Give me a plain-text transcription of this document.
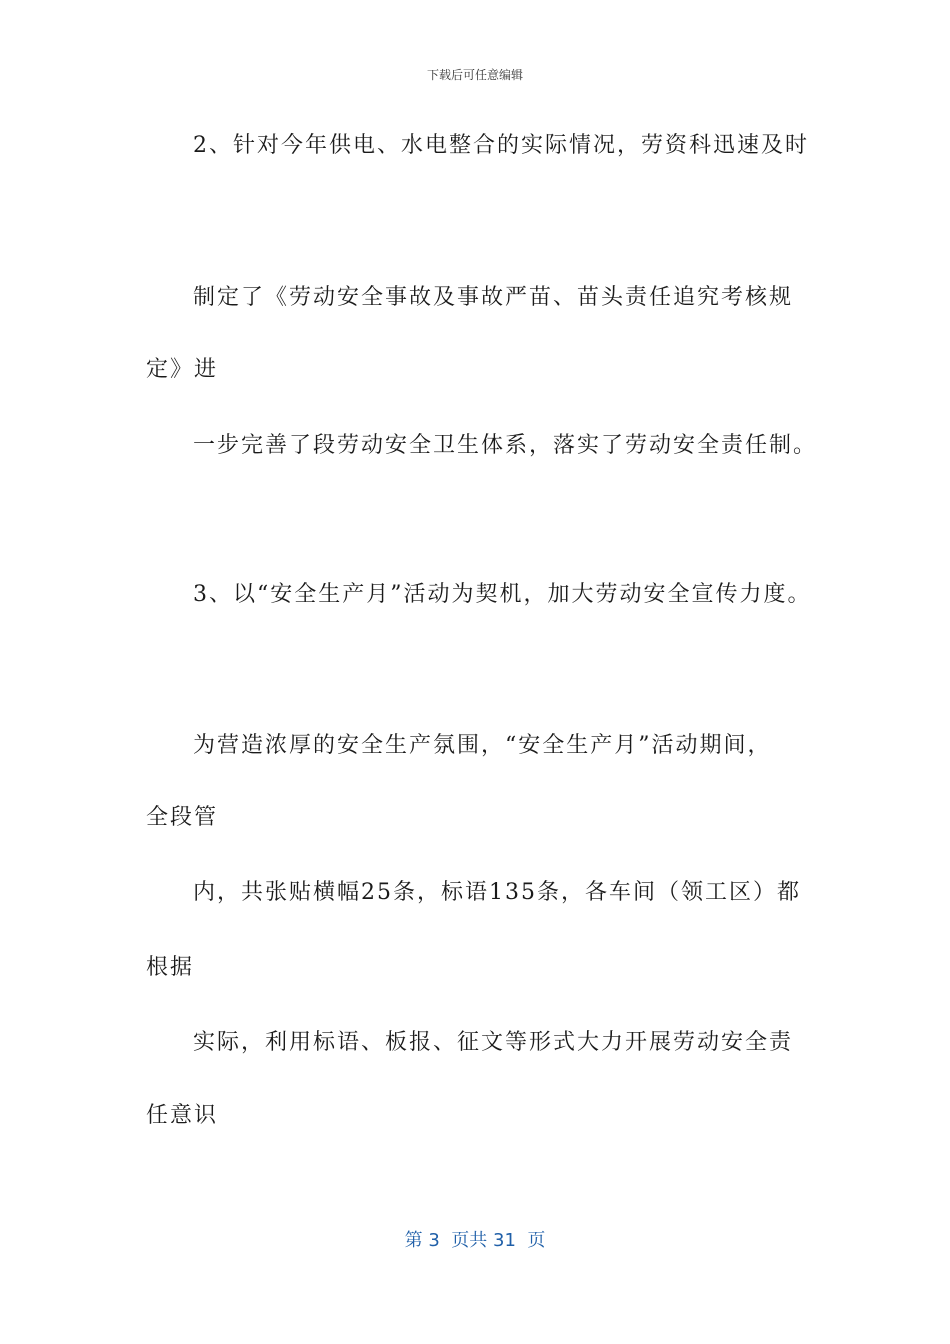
下载后可任意编辑
2、针对今年供电、水电整合的实际情况，劳资科迅速及时
制定了《劳动安全事故及事故严苗、苗头责任追究考核规
定》进
一步完善了段劳动安全卫生体系，落实了劳动安全责任制。
3、以“安全生产月”活动为契机，加大劳动安全宣传力度。
为营造浓厚的安全生产氛围，“安全生产月”活动期间，
全段管
内，共张贴横幅25条，标语135条，各车间（领工区）都
根据
实际，利用标语、板报、征文等形式大力开展劳动安全责
任意识
第 3  页共 31  页
